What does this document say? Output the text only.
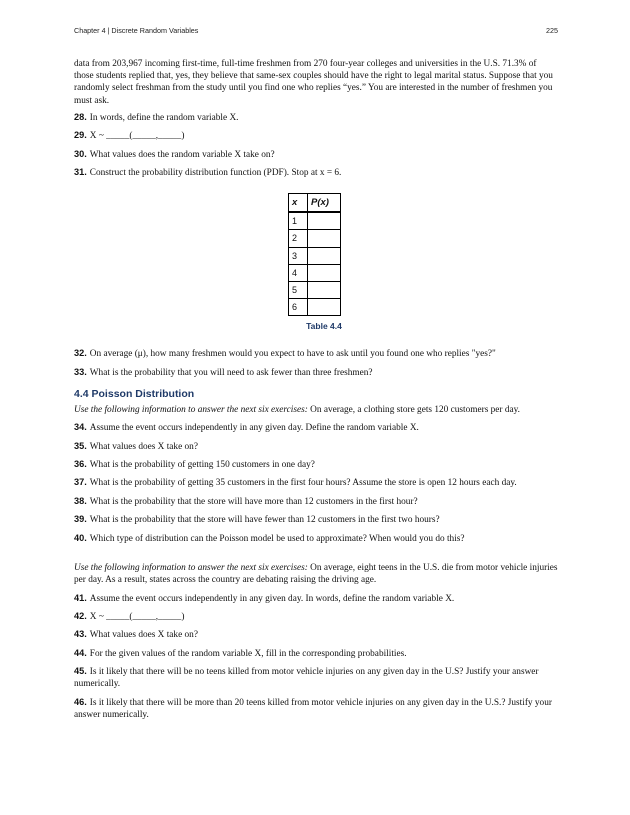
Chapter 4 | Discrete Random Variables	225

data from 203,967 incoming first-time, full-time freshmen from 270 four-year colleges and universities in the U.S. 71.3% of those students replied that, yes, they believe that same-sex couples should have the right to legal marital status. Suppose that you randomly select freshman from the study until you find one who replies “yes.” You are interested in the number of freshmen you must ask.

28. In words, define the random variable X.

29. X ~ _____(_____,_____)

30. What values does the random variable X take on?

31. Construct the probability distribution function (PDF). Stop at x = 6.

x	P(x)
1	
2	
3	
4	
5	
6	
Table 4.4

32. On average (μ), how many freshmen would you expect to have to ask until you found one who replies "yes?"

33. What is the probability that you will need to ask fewer than three freshmen?

4.4 Poisson Distribution

Use the following information to answer the next six exercises: On average, a clothing store gets 120 customers per day.

34. Assume the event occurs independently in any given day. Define the random variable X.

35. What values does X take on?

36. What is the probability of getting 150 customers in one day?

37. What is the probability of getting 35 customers in the first four hours? Assume the store is open 12 hours each day.

38. What is the probability that the store will have more than 12 customers in the first hour?

39. What is the probability that the store will have fewer than 12 customers in the first two hours?

40. Which type of distribution can the Poisson model be used to approximate? When would you do this?

Use the following information to answer the next six exercises: On average, eight teens in the U.S. die from motor vehicle injuries per day. As a result, states across the country are debating raising the driving age.

41. Assume the event occurs independently in any given day. In words, define the random variable X.

42. X ~ _____(_____,_____)

43. What values does X take on?

44. For the given values of the random variable X, fill in the corresponding probabilities.

45. Is it likely that there will be no teens killed from motor vehicle injuries on any given day in the U.S? Justify your answer numerically.

46. Is it likely that there will be more than 20 teens killed from motor vehicle injuries on any given day in the U.S.? Justify your answer numerically.
